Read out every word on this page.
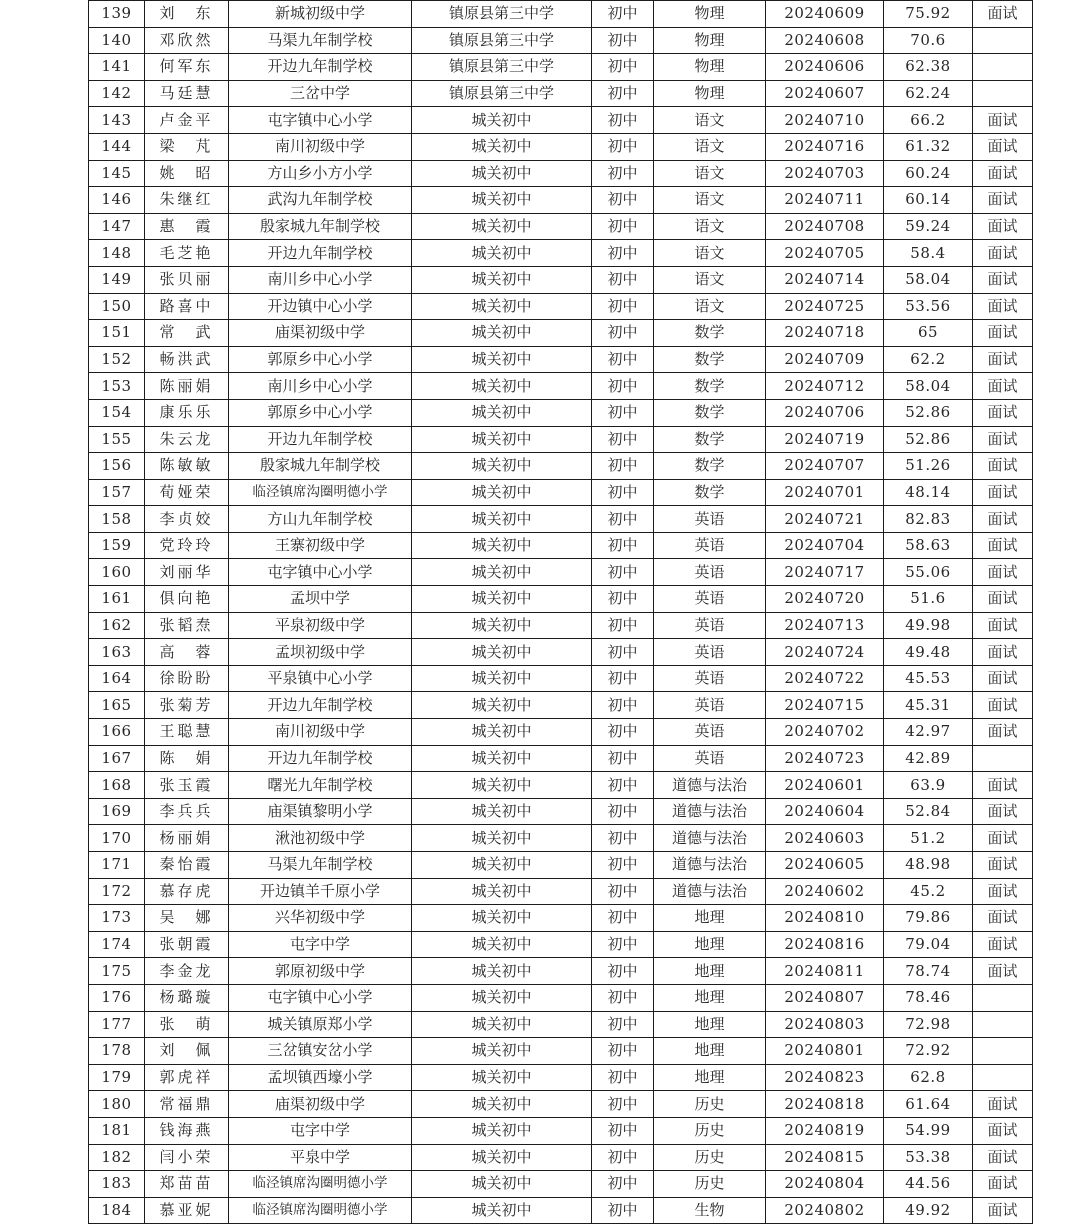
139	刘　东	新城初级中学	镇原县第三中学	初中	物理	20240609	75.92	面试
140	邓欣然	马渠九年制学校	镇原县第三中学	初中	物理	20240608	70.6	
141	何军东	开边九年制学校	镇原县第三中学	初中	物理	20240606	62.38	
142	马廷慧	三岔中学	镇原县第三中学	初中	物理	20240607	62.24	
143	卢金平	屯字镇中心小学	城关初中	初中	语文	20240710	66.2	面试
144	梁　芃	南川初级中学	城关初中	初中	语文	20240716	61.32	面试
145	姚　昭	方山乡小方小学	城关初中	初中	语文	20240703	60.24	面试
146	朱继红	武沟九年制学校	城关初中	初中	语文	20240711	60.14	面试
147	惠　霞	殷家城九年制学校	城关初中	初中	语文	20240708	59.24	面试
148	毛芝艳	开边九年制学校	城关初中	初中	语文	20240705	58.4	面试
149	张贝丽	南川乡中心小学	城关初中	初中	语文	20240714	58.04	面试
150	路喜中	开边镇中心小学	城关初中	初中	语文	20240725	53.56	面试
151	常　武	庙渠初级中学	城关初中	初中	数学	20240718	65	面试
152	畅洪武	郭原乡中心小学	城关初中	初中	数学	20240709	62.2	面试
153	陈丽娟	南川乡中心小学	城关初中	初中	数学	20240712	58.04	面试
154	康乐乐	郭原乡中心小学	城关初中	初中	数学	20240706	52.86	面试
155	朱云龙	开边九年制学校	城关初中	初中	数学	20240719	52.86	面试
156	陈敏敏	殷家城九年制学校	城关初中	初中	数学	20240707	51.26	面试
157	荀娅荣	临泾镇席沟圈明德小学	城关初中	初中	数学	20240701	48.14	面试
158	李贞姣	方山九年制学校	城关初中	初中	英语	20240721	82.83	面试
159	党玲玲	王寨初级中学	城关初中	初中	英语	20240704	58.63	面试
160	刘丽华	屯字镇中心小学	城关初中	初中	英语	20240717	55.06	面试
161	俱向艳	孟坝中学	城关初中	初中	英语	20240720	51.6	面试
162	张韬焘	平泉初级中学	城关初中	初中	英语	20240713	49.98	面试
163	高　蓉	孟坝初级中学	城关初中	初中	英语	20240724	49.48	面试
164	徐盼盼	平泉镇中心小学	城关初中	初中	英语	20240722	45.53	面试
165	张菊芳	开边九年制学校	城关初中	初中	英语	20240715	45.31	面试
166	王聪慧	南川初级中学	城关初中	初中	英语	20240702	42.97	面试
167	陈　娟	开边九年制学校	城关初中	初中	英语	20240723	42.89	
168	张玉霞	曙光九年制学校	城关初中	初中	道德与法治	20240601	63.9	面试
169	李兵兵	庙渠镇黎明小学	城关初中	初中	道德与法治	20240604	52.84	面试
170	杨丽娟	湫池初级中学	城关初中	初中	道德与法治	20240603	51.2	面试
171	秦怡霞	马渠九年制学校	城关初中	初中	道德与法治	20240605	48.98	面试
172	慕存虎	开边镇羊千原小学	城关初中	初中	道德与法治	20240602	45.2	面试
173	吴　娜	兴华初级中学	城关初中	初中	地理	20240810	79.86	面试
174	张朝霞	屯字中学	城关初中	初中	地理	20240816	79.04	面试
175	李金龙	郭原初级中学	城关初中	初中	地理	20240811	78.74	面试
176	杨璐璇	屯字镇中心小学	城关初中	初中	地理	20240807	78.46	
177	张　萌	城关镇原郑小学	城关初中	初中	地理	20240803	72.98	
178	刘　佩	三岔镇安岔小学	城关初中	初中	地理	20240801	72.92	
179	郭虎祥	孟坝镇西壕小学	城关初中	初中	地理	20240823	62.8	
180	常福鼎	庙渠初级中学	城关初中	初中	历史	20240818	61.64	面试
181	钱海燕	屯字中学	城关初中	初中	历史	20240819	54.99	面试
182	闫小荣	平泉中学	城关初中	初中	历史	20240815	53.38	面试
183	郑苗苗	临泾镇席沟圈明德小学	城关初中	初中	历史	20240804	44.56	面试
184	慕亚妮	临泾镇席沟圈明德小学	城关初中	初中	生物	20240802	49.92	面试
